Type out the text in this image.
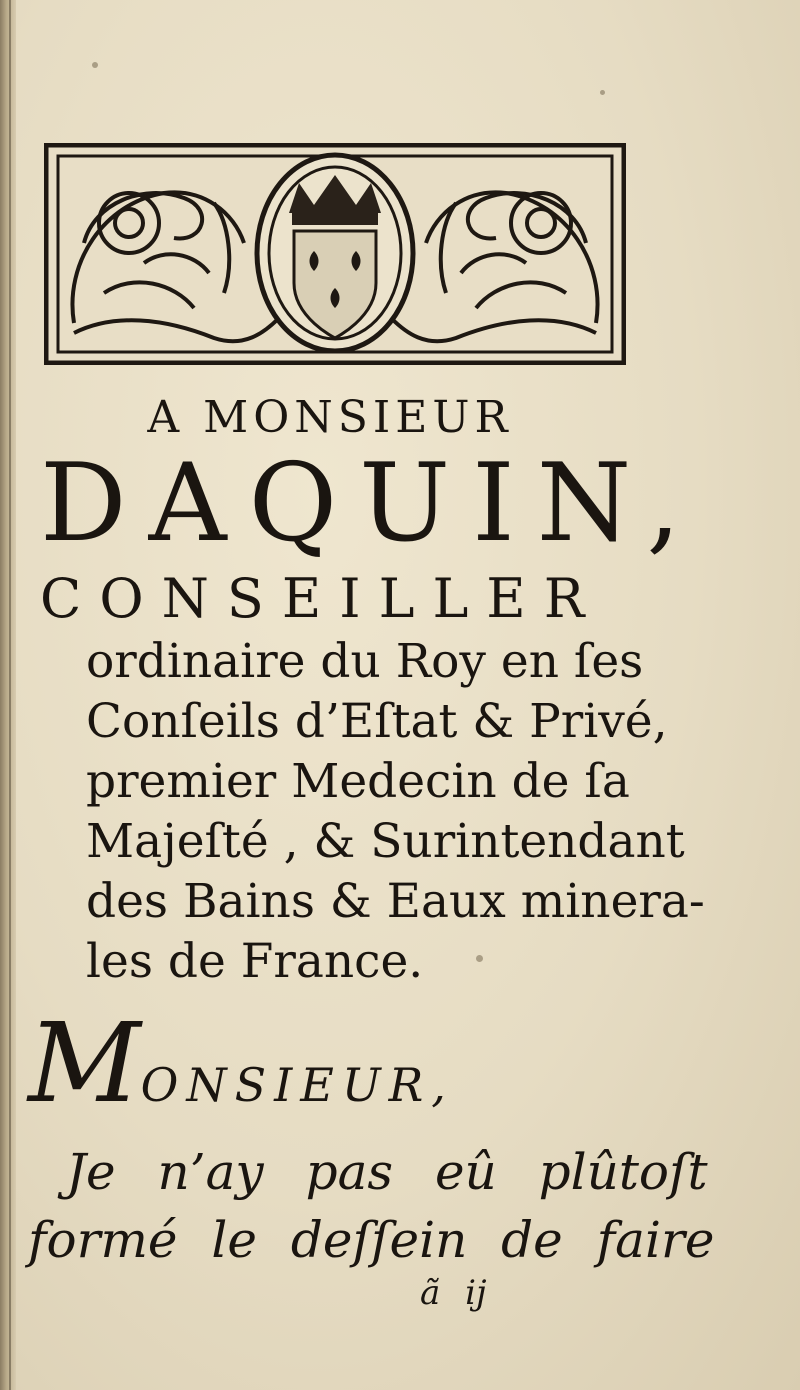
A MONSIEUR
DAQUIN,
CONSEILLER
ordinaire du Roy en ſes
Conſeils d’Eſtat & Privé,
premier Medecin de ſa
Majeſté , & Surintendant
des Bains & Eaux minera-
les de France.
MONSIEUR,
Je n’ay pas eû plûtoſt
formé le deſſein de faire
ã ij
